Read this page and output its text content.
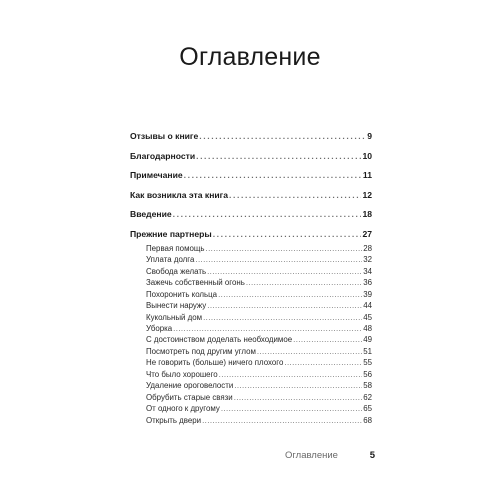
Оглавление
Отзывы о книге . . .	9
Благодарности . . .	10
Примечание . . .	11
Как возникла эта книга . . .	12
Введение . . .	18
Прежние партнеры . . .	27
Первая помощь . . .	28
Уплата долга . . .	32
Свобода желать . . .	34
Зажечь собственный огонь . . .	36
Похоронить кольца . . .	39
Вынести наружу . . .	44
Кукольный дом . . .	45
Уборка . . .	48
С достоинством доделать необходимое . . .	49
Посмотреть под другим углом . . .	51
Не говорить (больше) ничего плохого . . .	55
Что было хорошего . . .	56
Удаление ороговелости . . .	58
Обрубить старые связи . . .	62
От одного к другому . . .	65
Открыть двери . . .	68
Оглавление	5
